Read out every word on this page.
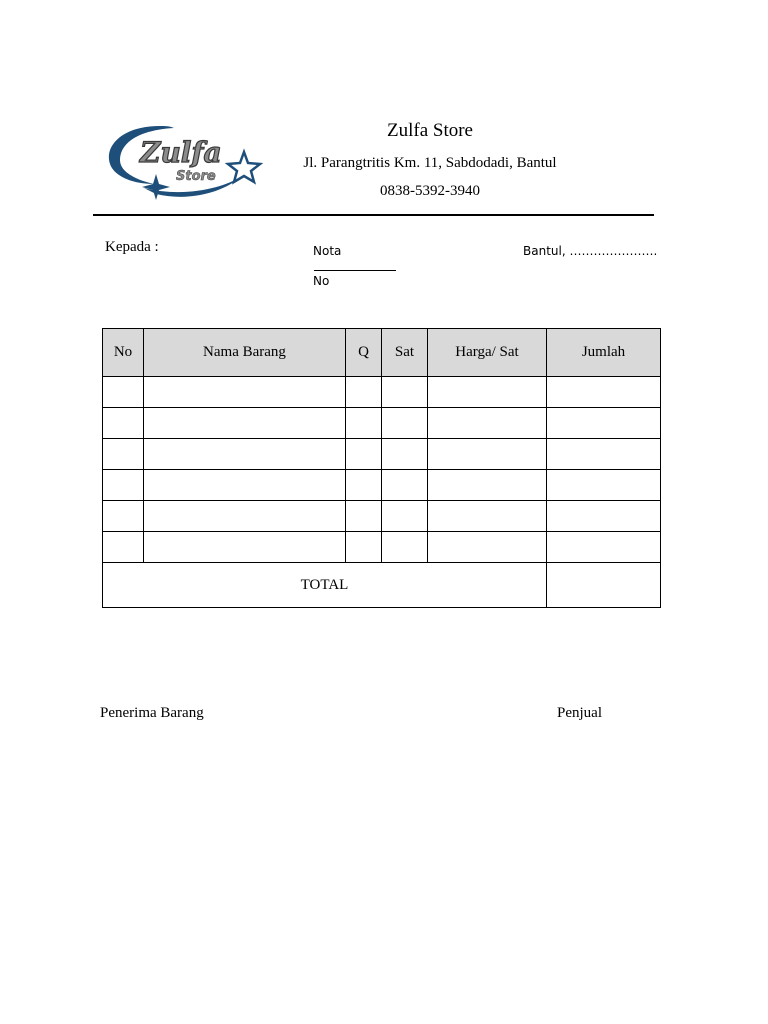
Zulfa
Store
Zulfa Store
Jl. Parangtritis Km. 11, Sabdodadi, Bantul
0838-5392-3940
Kepada :	Nota
No
Bantul, ………………….
No	Nama Barang	Q	Sat	Harga/ Sat	Jumlah

TOTAL					
Penerima Barang	Penjual
